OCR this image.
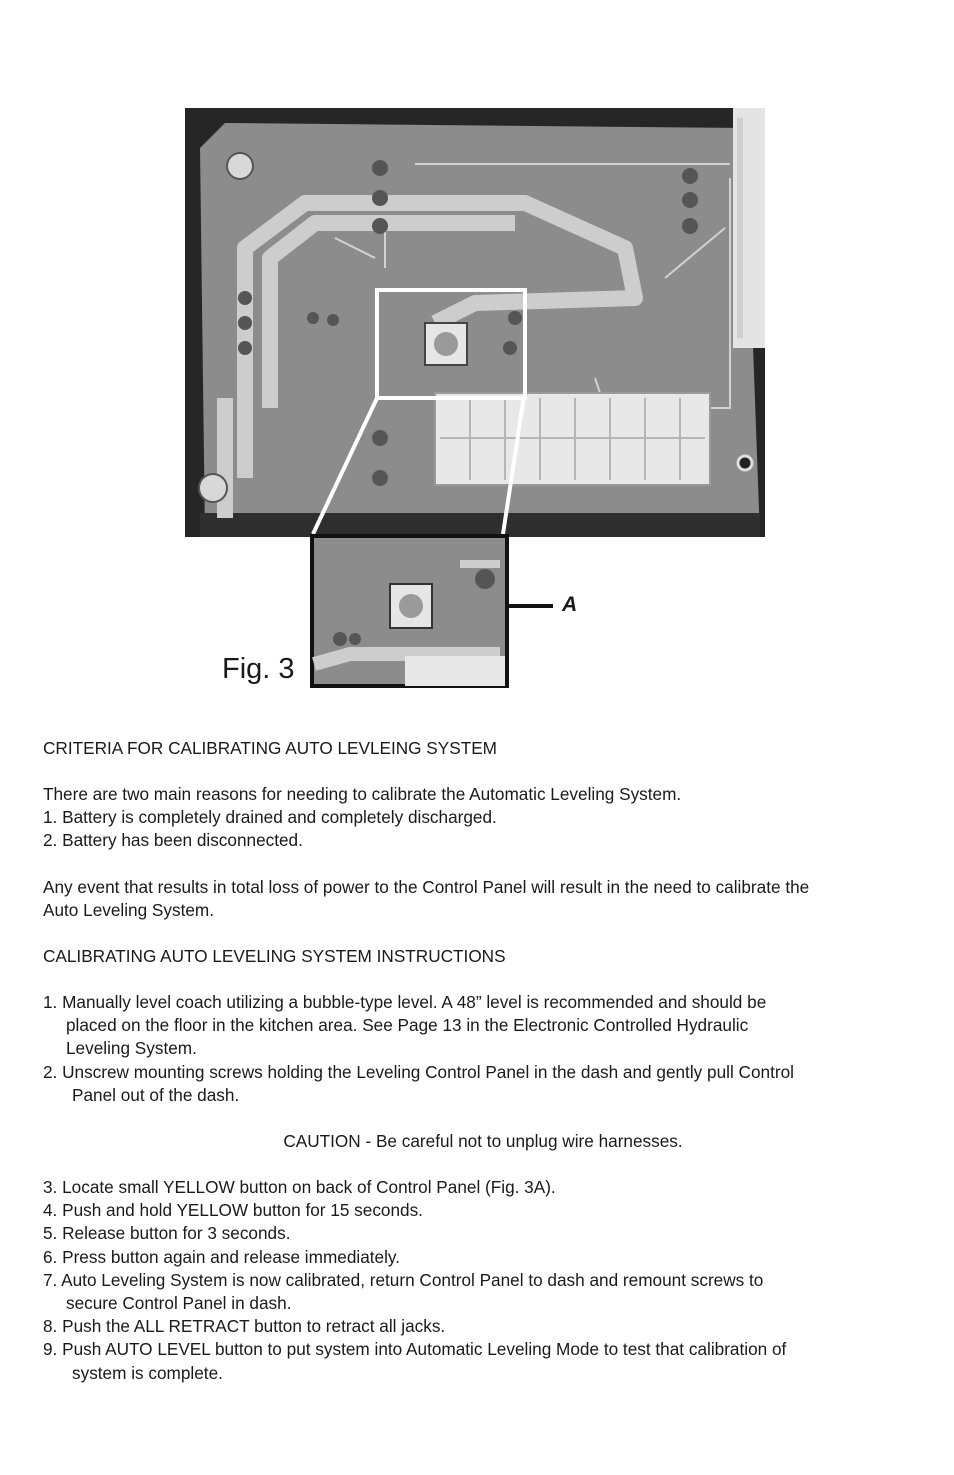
Fig. 3
A

CRITERIA FOR CALIBRATING AUTO LEVLEING SYSTEM

There are two main reasons for needing to calibrate the Automatic Leveling System.

1. Battery is completely drained and completely discharged.

2. Battery has been disconnected.

Any event that results in total loss of power to the Control Panel will result in the need to calibrate the

Auto Leveling System.

CALIBRATING AUTO LEVELING SYSTEM INSTRUCTIONS

1. Manually level coach utilizing a bubble-type level. A 48” level is recommended and should be

placed on the floor in the kitchen area. See Page 13 in the Electronic Controlled Hydraulic

Leveling System.

2. Unscrew mounting screws holding the Leveling Control Panel in the dash and gently pull Control

Panel out of the dash.

CAUTION - Be careful not to unplug wire harnesses.

3. Locate small YELLOW button on back of Control Panel (Fig. 3A).

4. Push and hold YELLOW button for 15 seconds.

5. Release button for 3 seconds.

6. Press button again and release immediately.

7. Auto Leveling System is now calibrated, return Control Panel to dash and remount screws to

secure Control Panel in dash.

8. Push the ALL RETRACT button to retract all jacks.

9. Push AUTO LEVEL button to put system into Automatic Leveling Mode to test that calibration of

system is complete.
